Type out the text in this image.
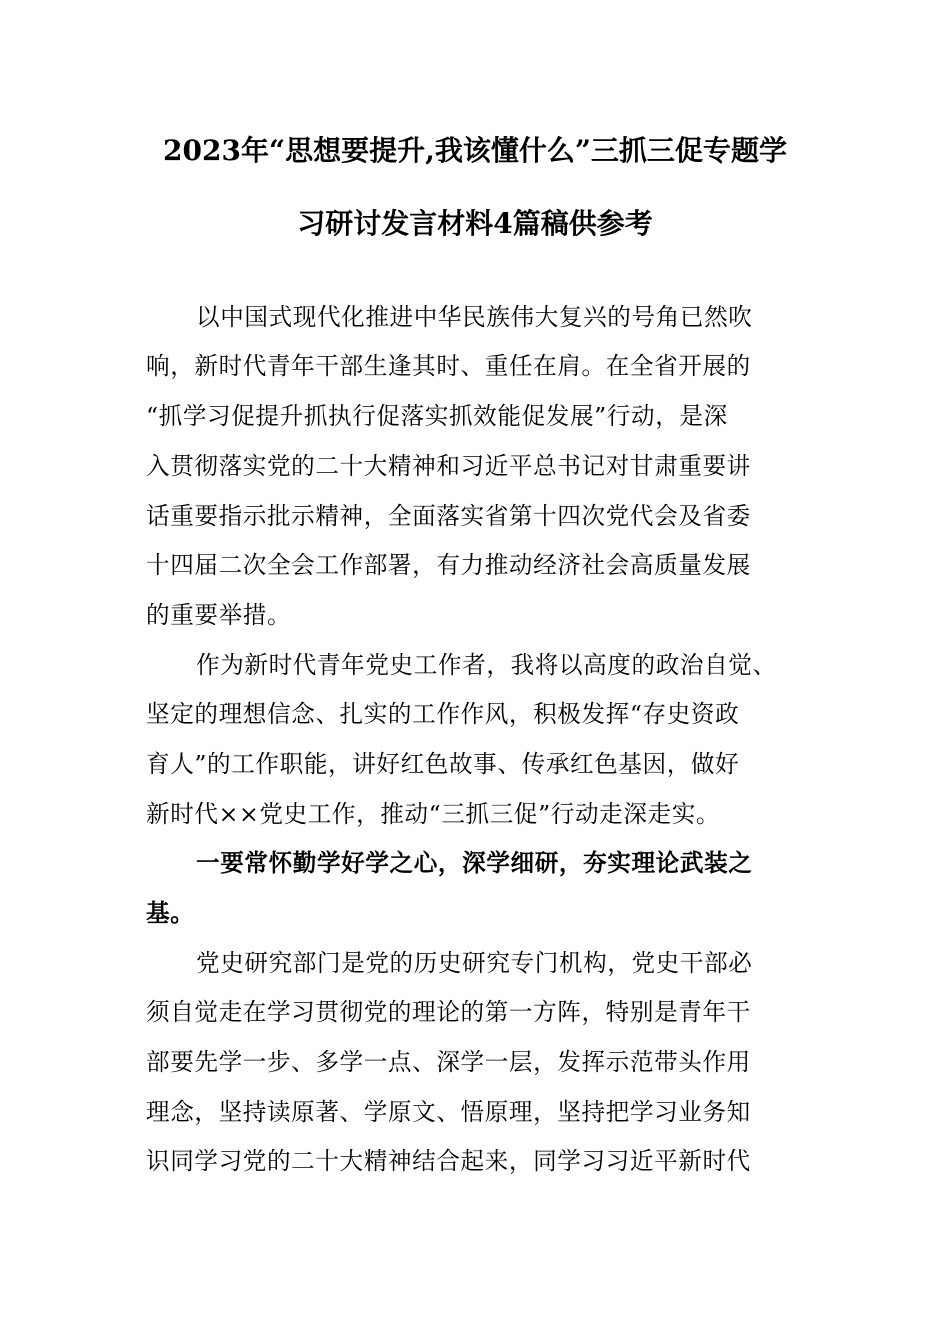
2023年“思想要提升,我该懂什么”三抓三促专题学
习研讨发言材料4篇稿供参考
以中国式现代化推进中华民族伟大复兴的号角已然吹
响，新时代青年干部生逢其时、重任在肩。在全省开展的
“抓学习促提升抓执行促落实抓效能促发展”行动，是深
入贯彻落实党的二十大精神和习近平总书记对甘肃重要讲
话重要指示批示精神，全面落实省第十四次党代会及省委
十四届二次全会工作部署，有力推动经济社会高质量发展
的重要举措。
作为新时代青年党史工作者，我将以高度的政治自觉、
坚定的理想信念、扎实的工作作风，积极发挥“存史资政
育人”的工作职能，讲好红色故事、传承红色基因，做好
新时代××党史工作，推动“三抓三促”行动走深走实。
一要常怀勤学好学之心，深学细研，夯实理论武装之
基。
党史研究部门是党的历史研究专门机构，党史干部必
须自觉走在学习贯彻党的理论的第一方阵，特别是青年干
部要先学一步、多学一点、深学一层，发挥示范带头作用
理念，坚持读原著、学原文、悟原理，坚持把学习业务知
识同学习党的二十大精神结合起来，同学习习近平新时代
